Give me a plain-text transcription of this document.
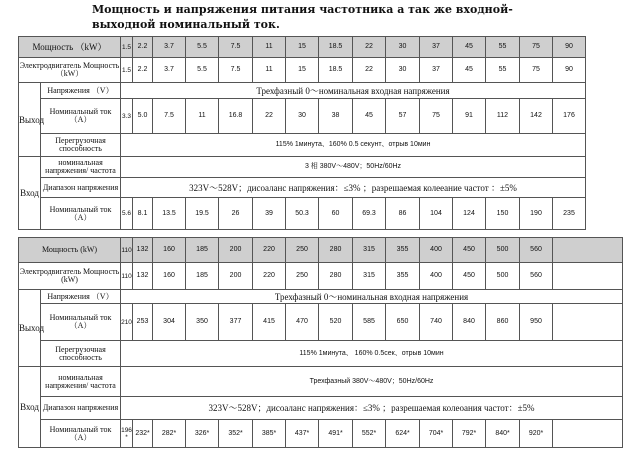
Мощность и напряжения питания частотника а так же входной-выходной номинальный ток.
Мощность （kW）		1.5	2.2	3.7	5.5	7.5	11	15	18.5	22	30	37	45	55	75	90
Электродвигатель Мощность（kW）		1.5	2.2	3.7	5.5	7.5	11	15	18.5	22	30	37	45	55	75	90
Выход	Напряжения （V）	Трехфазный 0～номинальная входная напряжения														
	Номинальный ток（A）	3.3	5.0	7.5	11	16.8	22	30	38	45	57	75	91	112	142	176
	Перегрузочная способность	115% 1минута、160% 0.5 секунт、отрыв 10мин														
Вход	номинальная напряжения/ частота	3 相 380V～480V；50Hz/60Hz														
	Диапазон напряжения	323V～528V；дисоаланс напряжения：≤3% ；разрешаемая колееание частот ：±5%														
	Номинальный ток（A）	5.6	8.1	13.5	19.5	26	39	50.3	60	69.3	86	104	124	150	190	235
Мощность (kW)		110	132	160	185	200	220	250	280	315	355	400	450	500	560	
Электродвигатель Мощность (kW)		110	132	160	185	200	220	250	280	315	355	400	450	500	560	
Выход	Напряжения （V）	Трехфазный 0～номинальная входная напряжения														
	Номинальный ток（A）	210	253	304	350	377	415	470	520	585	650	740	840	860	950	
	Перегрузочная способность	115% 1минута、 160% 0.5сек、отрыв 10мин														
Вход	номинальная напряжения/ частота	Трехфазный 380V～480V；50Hz/60Hz														
	Диапазон напряжения	323V～528V；дисоаланс напряжения：≤3% ；разрешаемая колеоания частот：±5%														
	Номинальный ток（A）	196*	232*	282*	326*	352*	385*	437*	491*	552*	624*	704*	792*	840*	920*	
